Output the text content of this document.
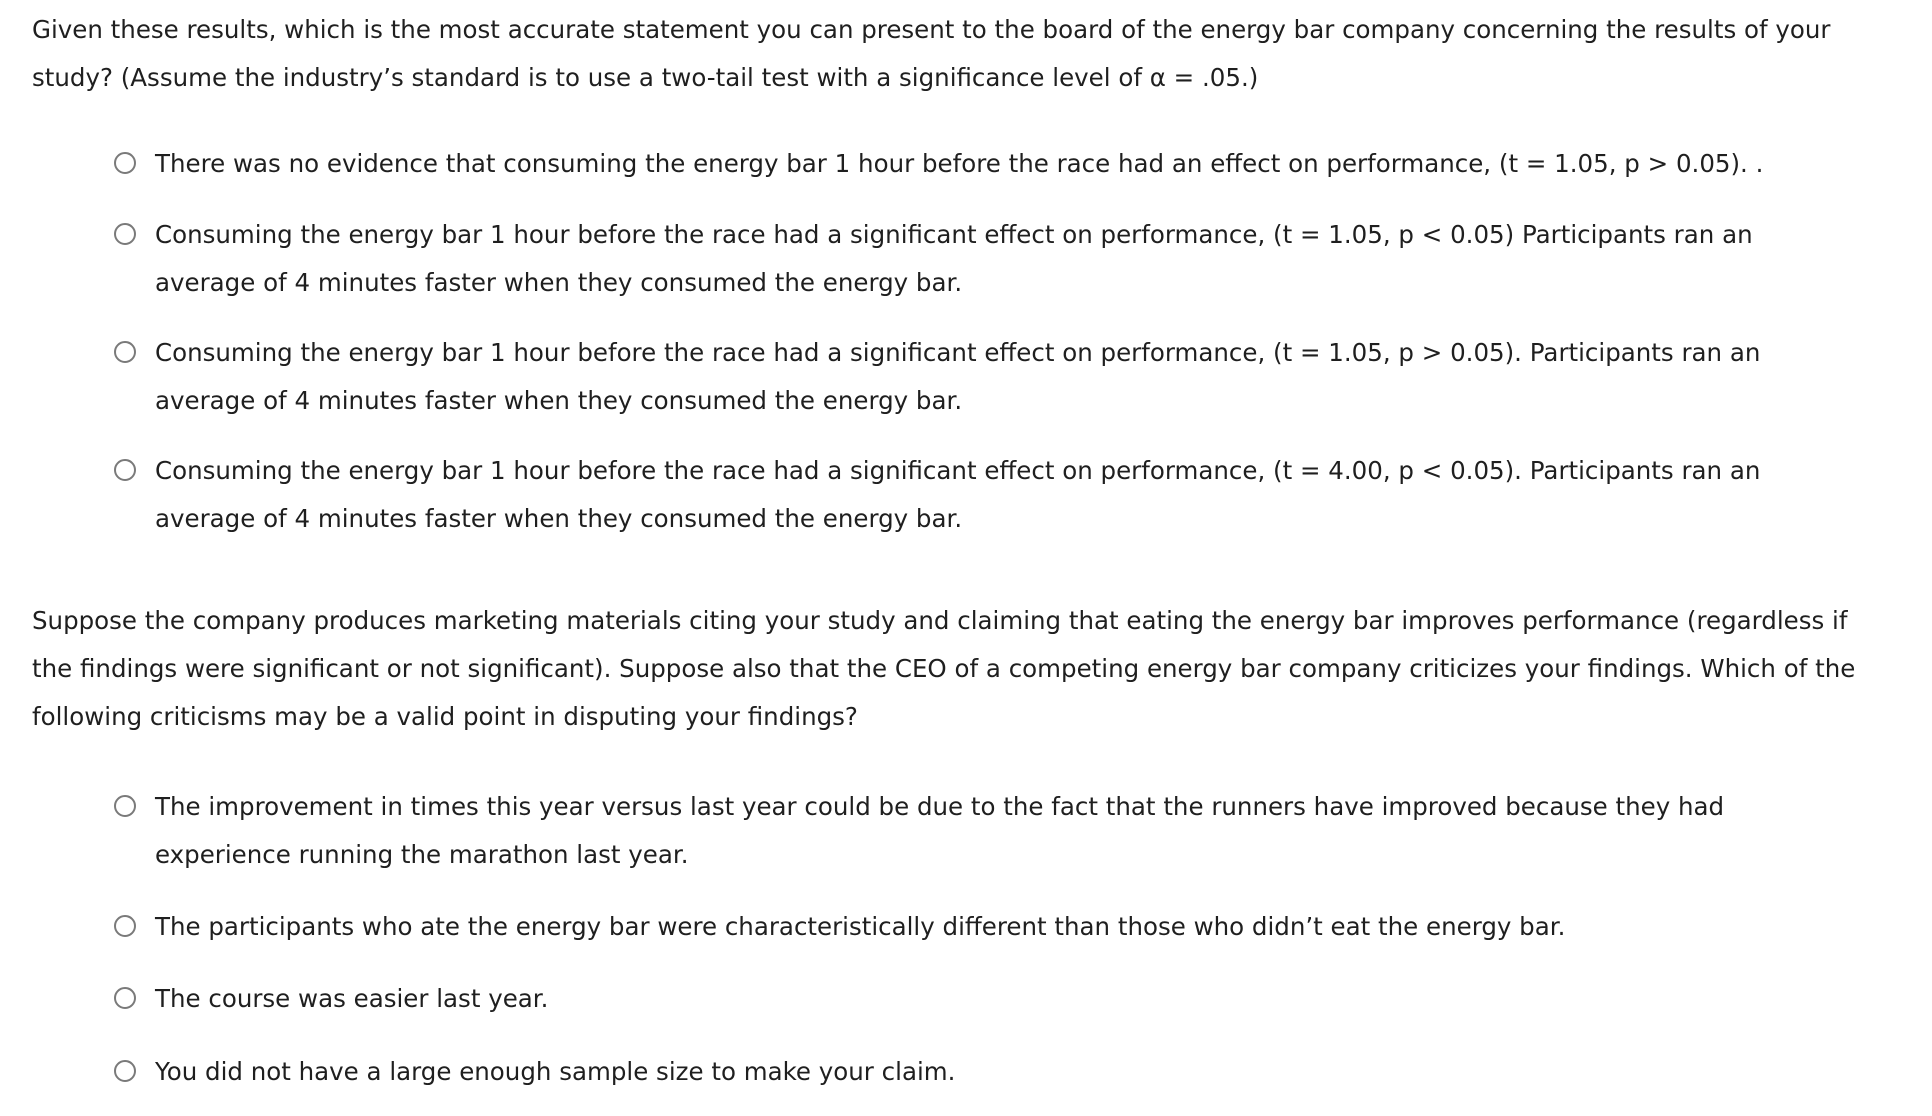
Given these results, which is the most accurate statement you can present to the board of the energy bar company concerning the results of your study? (Assume the industry’s standard is to use a two-tail test with a significance level of α = .05.)

There was no evidence that consuming the energy bar 1 hour before the race had an effect on performance, (t = 1.05, p > 0.05). .
Consuming the energy bar 1 hour before the race had a significant effect on performance, (t = 1.05, p < 0.05) Participants ran an average of 4 minutes faster when they consumed the energy bar.
Consuming the energy bar 1 hour before the race had a significant effect on performance, (t = 1.05, p > 0.05). Participants ran an average of 4 minutes faster when they consumed the energy bar.
Consuming the energy bar 1 hour before the race had a significant effect on performance, (t = 4.00, p < 0.05). Participants ran an average of 4 minutes faster when they consumed the energy bar.

Suppose the company produces marketing materials citing your study and claiming that eating the energy bar improves performance (regardless if the findings were significant or not significant). Suppose also that the CEO of a competing energy bar company criticizes your findings. Which of the following criticisms may be a valid point in disputing your findings?

The improvement in times this year versus last year could be due to the fact that the runners have improved because they had experience running the marathon last year.
The participants who ate the energy bar were characteristically different than those who didn’t eat the energy bar.
The course was easier last year.
You did not have a large enough sample size to make your claim.
